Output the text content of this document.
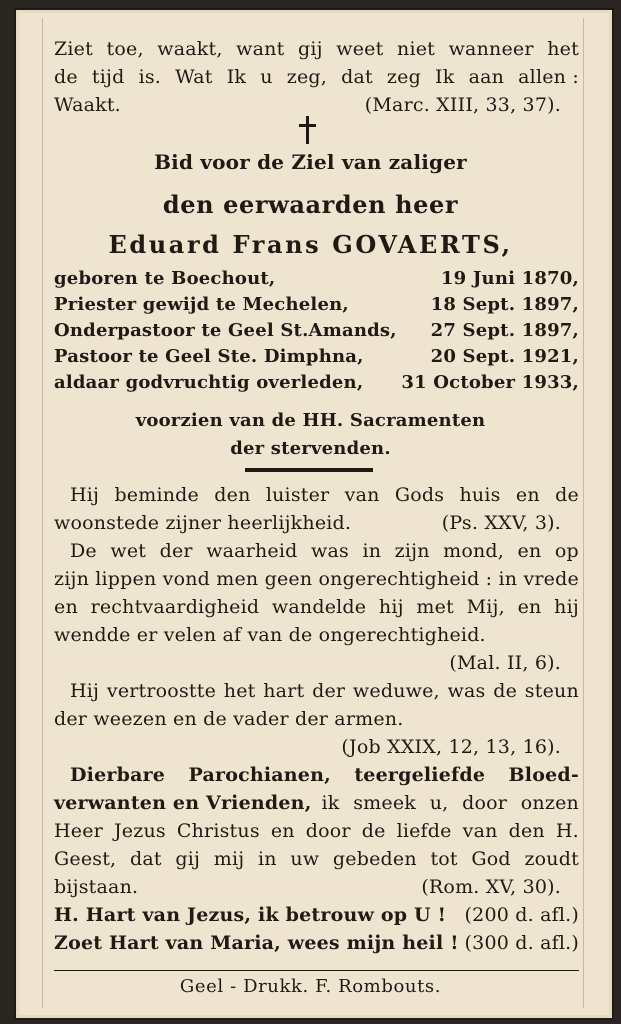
Ziet toe, waakt, want gij weet niet wanneer het
de tijd is. Wat Ik u zeg, dat zeg Ik aan allen :
Waakt.	(Marc. XIII, 33, 37).
Bid voor de Ziel van zaliger
den eerwaarden heer
Eduard Frans GOVAERTS,
geboren te Boechout,	19 Juni 1870,
Priester gewijd te Mechelen,	18 Sept. 1897,
Onderpastoor te Geel St.Amands, 27 Sept. 1897,
Pastoor te Geel Ste. Dimphna,	20 Sept. 1921,
aldaar godvruchtig overleden, 31 October 1933,
voorzien van de HH. Sacramenten
der stervenden.
Hij beminde den luister van Gods huis en de
woonstede zijner heerlijkheid.	(Ps. XXV, 3).
De wet der waarheid was in zijn mond, en op
zijn lippen vond men geen ongerechtigheid : in vrede
en rechtvaardigheid wandelde hij met Mij, en hij
wendde er velen af van de ongerechtigheid.
(Mal. II, 6).
Hij vertroostte het hart der weduwe, was de steun
der weezen en de vader der armen.
(Job XXIX, 12, 13, 16).
Dierbare Parochianen, teergeliefde Bloed-
verwanten en Vrienden, ik smeek u, door onzen
Heer Jezus Christus en door de liefde van den H.
Geest, dat gij mij in uw gebeden tot God zoudt
bijstaan.	(Rom. XV, 30).
H. Hart van Jezus, ik betrouw op U ! (200 d. afl.)
Zoet Hart van Maria, wees mijn heil ! (300 d. afl.)
Geel - Drukk. F. Rombouts.
